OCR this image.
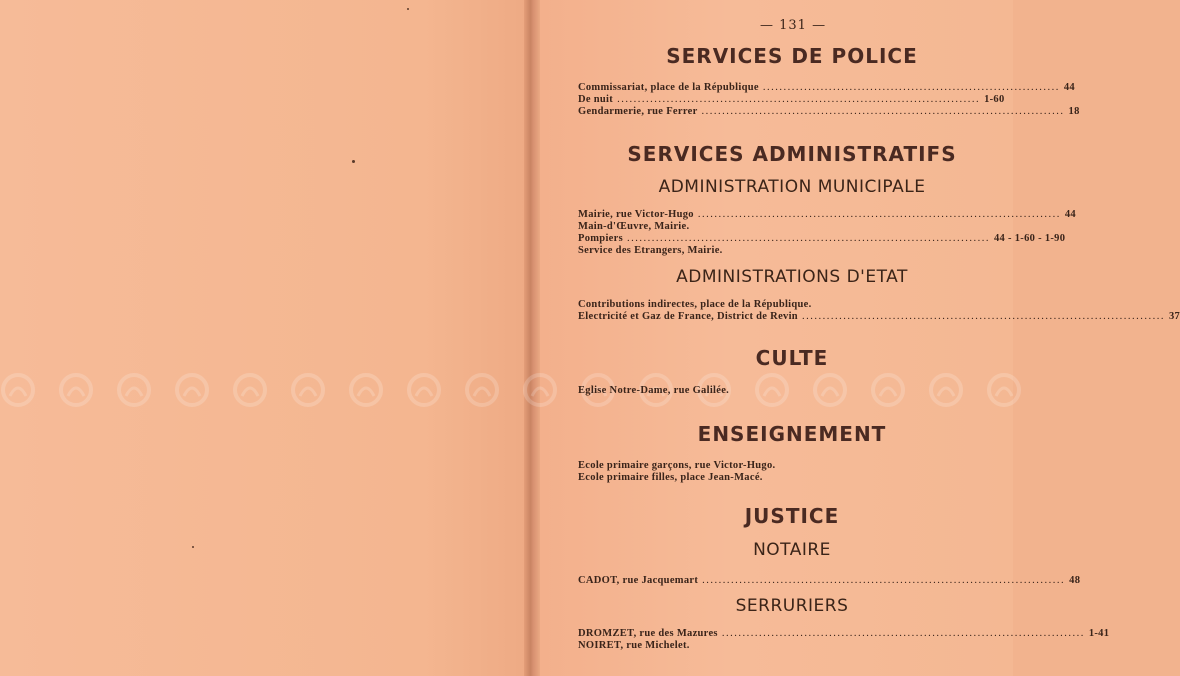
— 131 —
SERVICES DE POLICE
Commissariat, place de la République ........................................................................ 44
De nuit ........................................................................................ 1-60
Gendarmerie, rue Ferrer ........................................................................................ 18
SERVICES ADMINISTRATIFS
ADMINISTRATION MUNICIPALE
Mairie, rue Victor-Hugo ........................................................................................ 44
Main-d'Œuvre, Mairie.
Pompiers ........................................................................................ 44 - 1-60 - 1-90
Service des Etrangers, Mairie.
ADMINISTRATIONS D'ETAT
Contributions indirectes, place de la République.
Electricité et Gaz de France, District de Revin ........................................................................................ 37
CULTE
Eglise Notre-Dame, rue Galilée.
ENSEIGNEMENT
Ecole primaire garçons, rue Victor-Hugo.
Ecole primaire filles, place Jean-Macé.
JUSTICE
NOTAIRE
CADOT, rue Jacquemart ........................................................................................ 48
SERRURIERS
DROMZET, rue des Mazures ........................................................................................ 1-41
NOIRET, rue Michelet.
